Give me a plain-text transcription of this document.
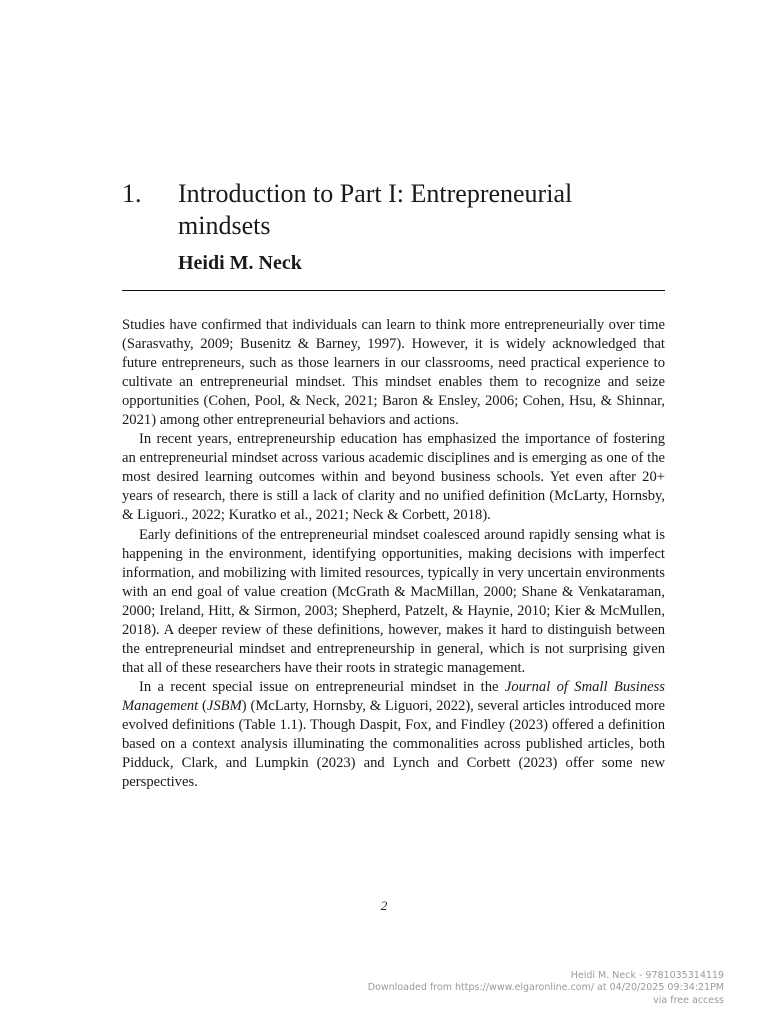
1.	Introduction to Part I: Entrepreneurial mindsets
Heidi M. Neck

Studies have confirmed that individuals can learn to think more entrepreneurially over time (Sarasvathy, 2009; Busenitz & Barney, 1997). However, it is widely acknowledged that future entrepreneurs, such as those learners in our classrooms, need practical experience to cultivate an entrepreneurial mindset. This mindset enables them to recognize and seize opportunities (Cohen, Pool, & Neck, 2021; Baron & Ensley, 2006; Cohen, Hsu, & Shinnar, 2021) among other entrepreneurial behaviors and actions.

In recent years, entrepreneurship education has emphasized the importance of fostering an entrepreneurial mindset across various academic disciplines and is emerging as one of the most desired learning outcomes within and beyond business schools. Yet even after 20+ years of research, there is still a lack of clarity and no unified definition (McLarty, Hornsby, & Liguori., 2022; Kuratko et al., 2021; Neck & Corbett, 2018).

Early definitions of the entrepreneurial mindset coalesced around rapidly sensing what is happening in the environment, identifying opportunities, making decisions with imperfect information, and mobilizing with limited resources, typically in very uncertain environments with an end goal of value creation (McGrath & MacMillan, 2000; Shane & Venkataraman, 2000; Ireland, Hitt, & Sirmon, 2003; Shepherd, Patzelt, & Haynie, 2010; Kier & McMullen, 2018). A deeper review of these definitions, however, makes it hard to distinguish between the entrepreneurial mindset and entrepreneurship in general, which is not surprising given that all of these researchers have their roots in strategic management.

In a recent special issue on entrepreneurial mindset in the Journal of Small Business Management (JSBM) (McLarty, Hornsby, & Liguori, 2022), several articles introduced more evolved definitions (Table 1.1). Though Daspit, Fox, and Findley (2023) offered a definition based on a context analysis illuminating the commonalities across published articles, both Pidduck, Clark, and Lumpkin (2023) and Lynch and Corbett (2023) offer some new perspectives.

2
Heidi M. Neck - 9781035314119
Downloaded from https://www.elgaronline.com/ at 04/20/2025 09:34:21PM
via free access
